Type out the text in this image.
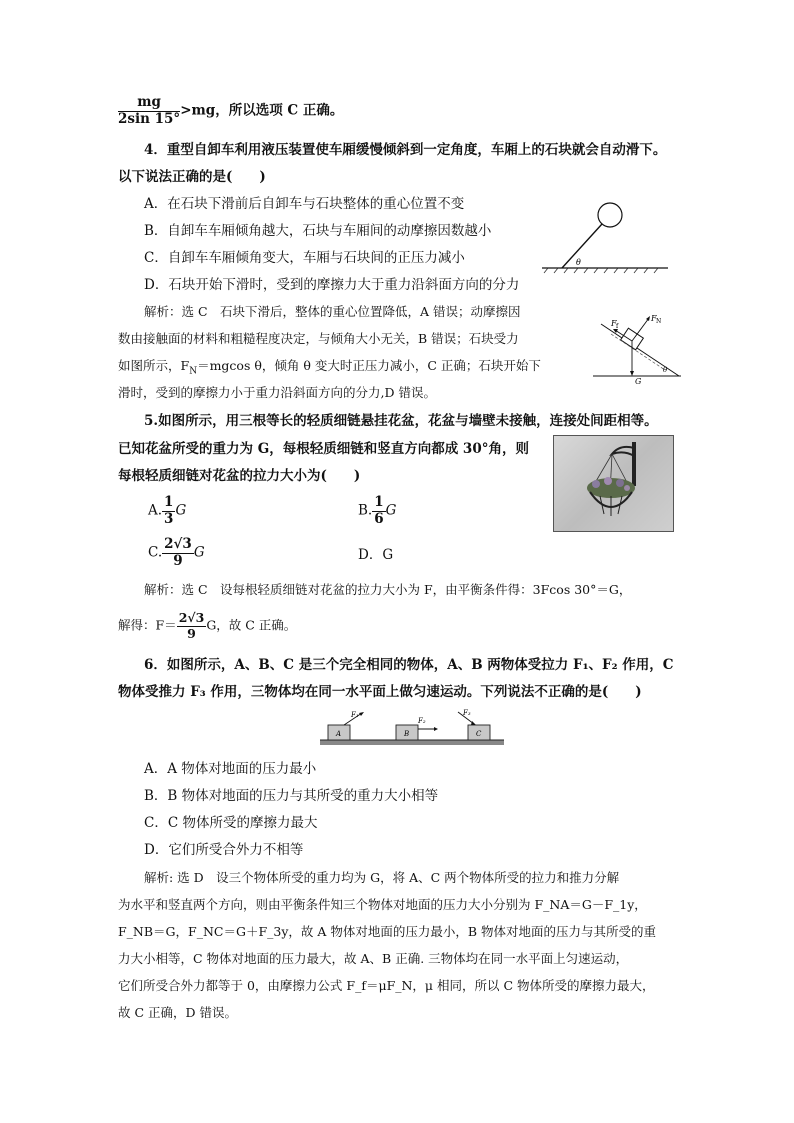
$\frac{mg}{2\sin 15^\circ} >mg$，所以选项 C 正确。
4．重型自卸车利用液压装置使车厢缓慢倾斜到一定角度，车厢上的石块就会自动滑下。
以下说法正确的是(　　)
A．在石块下滑前后自卸车与石块整体的重心位置不变
B．自卸车车厢倾角越大，石块与车厢间的动摩擦因数越小
C．自卸车车厢倾角变大，车厢与石块间的正压力减小
D．石块开始下滑时，受到的摩擦力大于重力沿斜面方向的分力
θ
解析：选 C　石块下滑后，整体的重心位置降低，A 错误；动摩擦因
数由接触面的材料和粗糙程度决定，与倾角大小无关，B 错误；石块受力
如图所示，$F_N=mgcos$ θ，倾角 θ 变大时正压力减小，C 正确；石块开始下
滑时，受到的摩擦力小于重力沿斜面方向的分力,D 错误。
F f
F N
G
θ
5.如图所示，用三根等长的轻质细链悬挂花盆，花盆与墙壁未接触，连接处间距相等。
已知花盆所受的重力为 G，每根轻质细链和竖直方向都成 30°角，则
每根轻质细链对花盆的拉力大小为(　　)
A. $\frac{1}{3}$ G	B. $\frac{1}{6}$ G
C. $\frac{2√3}{9}$ G	D．G
解析：选 C　设每根轻质细链对花盆的拉力大小为 F，由平衡条件得：3Fcos 30°＝G，
解得：$F= \frac{2√3}{9}$ G，故 C 正确。
6．如图所示，A、B、C 是三个完全相同的物体，A、B 两物体受拉力 F₁、F₂ 作用，C
物体受推力 F₃ 作用，三物体均在同一水平面上做匀速运动。下列说法不正确的是(　　)
A	B	C
F₁
F₂
F₃
A．A 物体对地面的压力最小
B．B 物体对地面的压力与其所受的重力大小相等
C．C 物体所受的摩擦力最大
D．它们所受合外力不相等
解析: 选 D　设三个物体所受的重力均为 G，将 A、C 两个物体所受的拉力和推力分解
为水平和竖直两个方向，则由平衡条件知三个物体对地面的压力大小分别为 F_NA＝G－F_1y，
F_NB＝G，F_NC＝G＋F_3y，故 A 物体对地面的压力最小，B 物体对地面的压力与其所受的重
力大小相等，C 物体对地面的压力最大，故 A、B 正确. 三物体均在同一水平面上匀速运动，
它们所受合外力都等于 0，由摩擦力公式 F_f＝μF_N，μ 相同，所以 C 物体所受的摩擦力最大，
故 C 正确，D 错误。
